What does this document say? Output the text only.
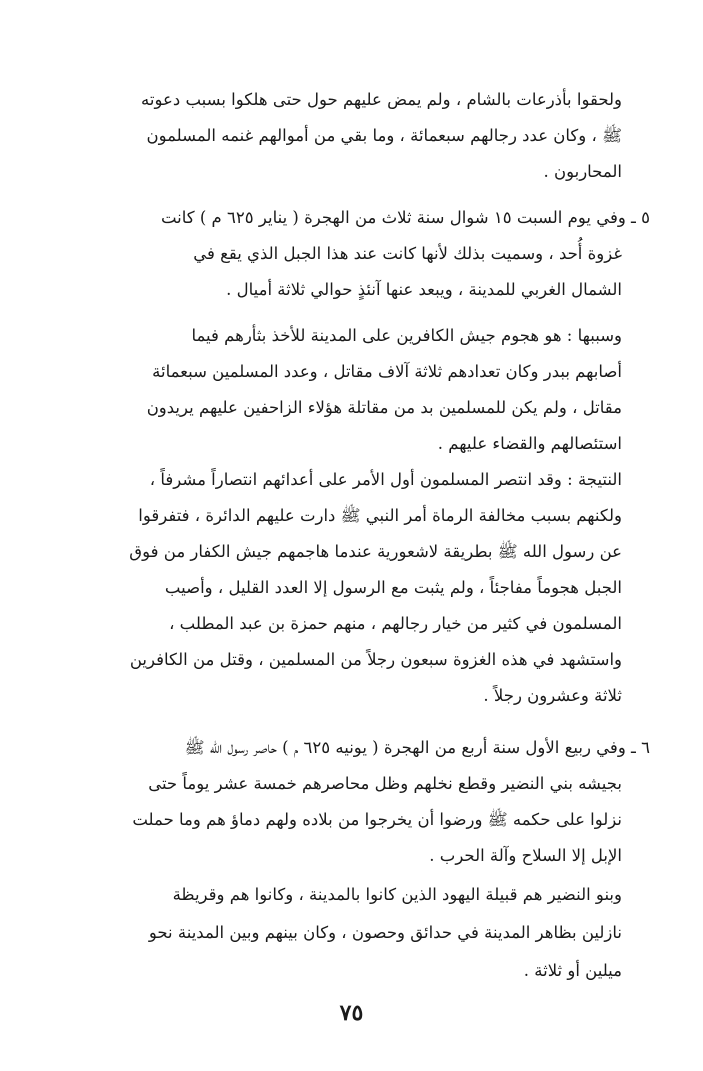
ولحقوا بأذرعات بالشام ، ولم يمض عليهم حول حتى هلكوا بسبب دعوته
ﷺ ، وكان عدد رجالهم سبعمائة ، وما بقي من أموالهم غنمه المسلمون
المحاربون .
٥ ـ وفي يوم السبت ١٥ شوال سنة ثلاث من الهجرة ( يناير ٦٢٥ م ) كانت
غزوة أُحد ، وسميت بذلك لأنها كانت عند هذا الجبل الذي يقع في
الشمال الغربي للمدينة ، ويبعد عنها آنئذٍ حوالي ثلاثة أميال .
وسببها : هو هجوم جيش الكافرين على المدينة للأخذ بثأرهم فيما
أصابهم ببدر وكان تعدادهم ثلاثة آلاف مقاتل ، وعدد المسلمين سبعمائة
مقاتل ، ولم يكن للمسلمين بد من مقاتلة هؤلاء الزاحفين عليهم يريدون
استئصالهم والقضاء عليهم .
النتيجة : وقد انتصر المسلمون أول الأمر على أعدائهم انتصاراً مشرفاً ،
ولكنهم بسبب مخالفة الرماة أمر النبي ﷺ دارت عليهم الدائرة ، فتفرقوا
عن رسول الله ﷺ بطريقة لاشعورية عندما هاجمهم جيش الكفار من فوق
الجبل هجوماً مفاجئاً ، ولم يثبت مع الرسول إلا العدد القليل ، وأصيب
المسلمون في كثير من خيار رجالهم ، منهم حمزة بن عبد المطلب ،
واستشهد في هذه الغزوة سبعون رجلاً من المسلمين ، وقتل من الكافرين
ثلاثة وعشرون رجلاً .
٦ ـ وفي ربيع الأول سنة أربع من الهجرة ( يونيه ٦٢٥ م ) حاصر رسول الله ﷺ
بجيشه بني النضير وقطع نخلهم وظل محاصرهم خمسة عشر يوماً حتى
نزلوا على حكمه ﷺ ورضوا أن يخرجوا من بلاده ولهم دماؤ هم وما حملت
الإبل إلا السلاح وآلة الحرب .
وبنو النضير هم قبيلة اليهود الذين كانوا بالمدينة ، وكانوا هم وقريظة
نازلين بظاهر المدينة في حدائق وحصون ، وكان بينهم وبين المدينة نحو
ميلين أو ثلاثة .
٧٥
